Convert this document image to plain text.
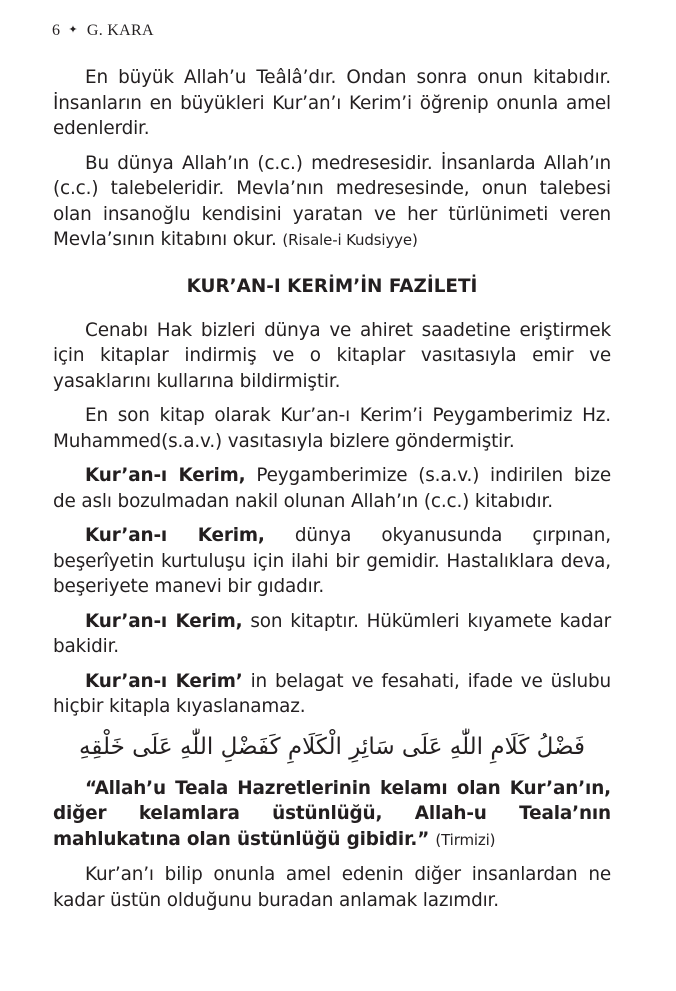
6 ✦ G. KARA

En büyük Allah’u Teâlâ’dır. Ondan sonra onun kitabıdır. İnsanların en büyükleri Kur’an’ı Kerim’i öğrenip onunla amel edenlerdir.

Bu dünya Allah’ın (c.c.) medresesidir. İnsanlarda Allah’ın (c.c.) talebeleridir. Mevla’nın medresesinde, onun talebesi olan insanoğlu kendisini yaratan ve her türlünimeti veren Mevla’sının kitabını okur. (Risale-i Kudsiyye)

KUR’AN-I KERİM’İN FAZİLETİ

Cenabı Hak bizleri dünya ve ahiret saadetine eriştirmek için kitaplar indirmiş ve o kitaplar vasıtasıyla emir ve yasaklarını kullarına bildirmiştir.

En son kitap olarak Kur’an-ı Kerim’i Peygamberimiz Hz. Muhammed(s.a.v.) vasıtasıyla bizlere göndermiştir.

Kur’an-ı Kerim, Peygamberimize (s.a.v.) indirilen bize de aslı bozulmadan nakil olunan Allah’ın (c.c.) kitabıdır.

Kur’an-ı Kerim, dünya okyanusunda çırpınan, beşerîyetin kurtuluşu için ilahi bir gemidir. Hastalıklara deva, beşeriyete manevi bir gıdadır.

Kur’an-ı Kerim, son kitaptır. Hükümleri kıyamete kadar bakidir.

Kur’an-ı Kerim’ in belagat ve fesahati, ifade ve üslubu hiçbir kitapla kıyaslanamaz.

فَضْلُ كَلَامِ اللّٰهِ عَلَى سَائِرِ الْكَلَامِ كَفَضْلِ اللّٰهِ عَلَى خَلْقِهِ

“Allah’u Teala Hazretlerinin kelamı olan Kur’an’ın, diğer kelamlara üstünlüğü, Allah-u Teala’nın mahlukatına olan üstünlüğü gibidir.” (Tirmizi)

Kur’an’ı bilip onunla amel edenin diğer insanlardan ne kadar üstün olduğunu buradan anlamak lazımdır.
